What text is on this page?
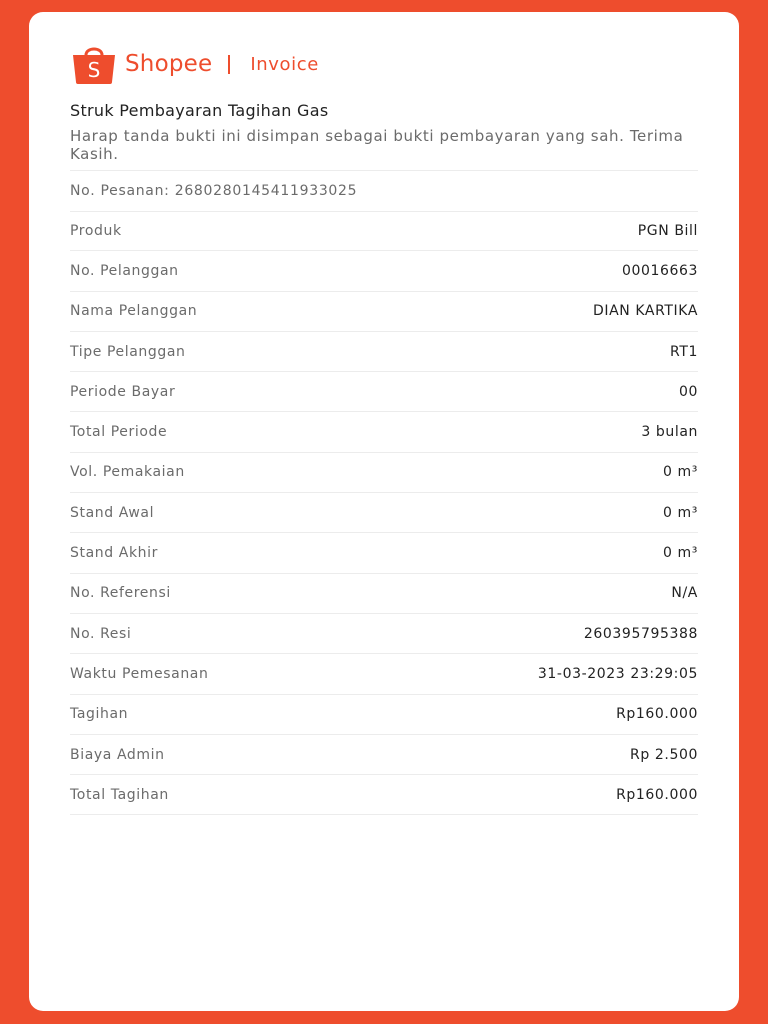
S Shopee Invoice
Struk Pembayaran Tagihan Gas
Harap tanda bukti ini disimpan sebagai bukti pembayaran yang sah. Terima Kasih.
No. Pesanan: 2680280145411933025
Produk	PGN Bill
No. Pelanggan	00016663
Nama Pelanggan	DIAN KARTIKA
Tipe Pelanggan	RT1
Periode Bayar	00
Total Periode	3 bulan
Vol. Pemakaian	0 m³
Stand Awal	0 m³
Stand Akhir	0 m³
No. Referensi	N/A
No. Resi	260395795388
Waktu Pemesanan	31-03-2023 23:29:05
Tagihan	Rp160.000
Biaya Admin	Rp 2.500
Total Tagihan	Rp160.000
